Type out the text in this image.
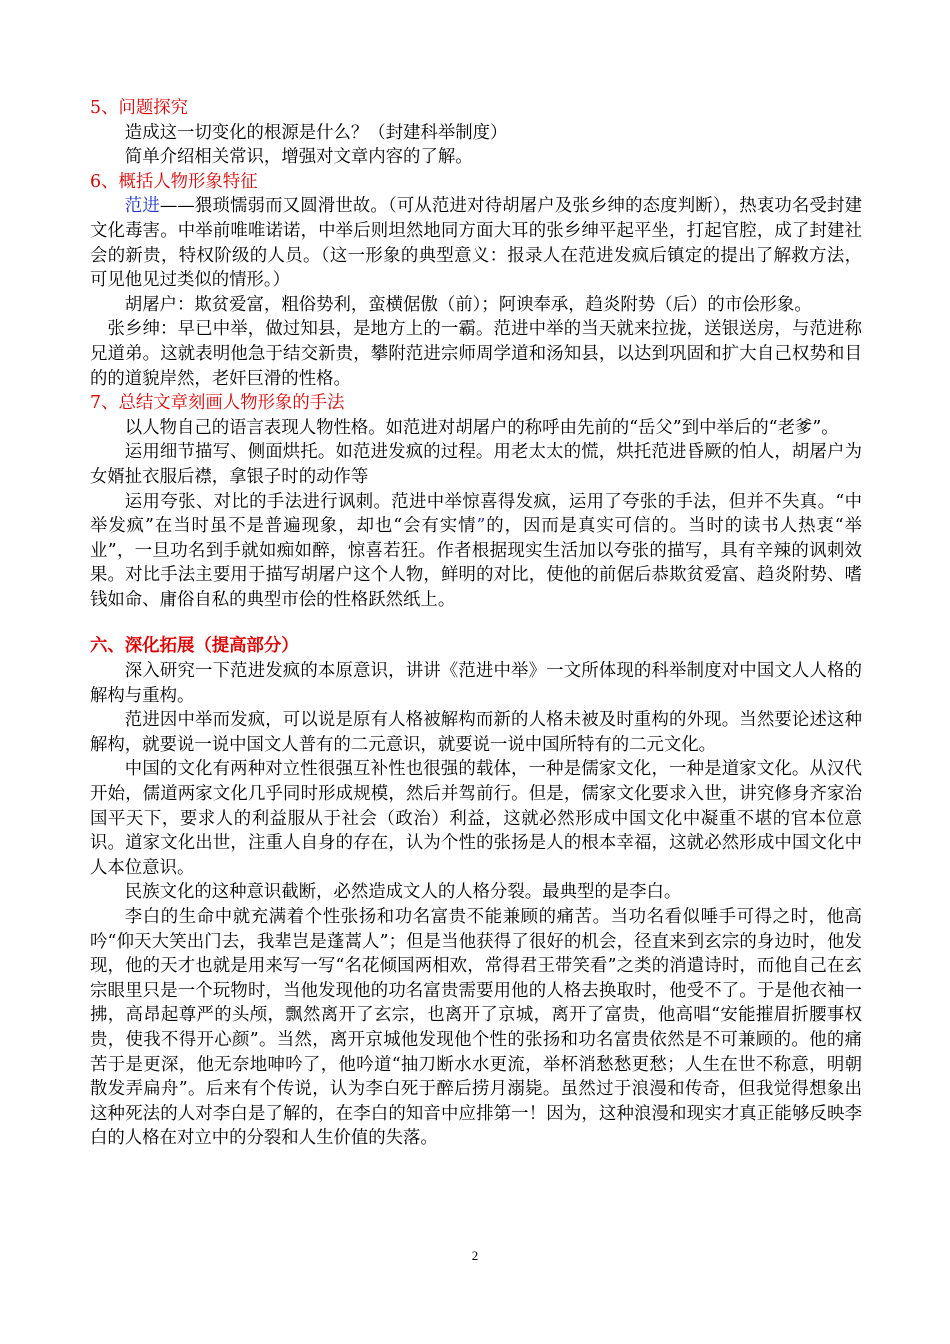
5、问题探究

造成这一切变化的根源是什么？（封建科举制度）

简单介绍相关常识，增强对文章内容的了解。

6、概括人物形象特征

范进——猥琐懦弱而又圆滑世故。（可从范进对待胡屠户及张乡绅的态度判断），热衷功名受封建文化毒害。中举前唯唯诺诺，中举后则坦然地同方面大耳的张乡绅平起平坐，打起官腔，成了封建社会的新贵，特权阶级的人员。（这一形象的典型意义：报录人在范进发疯后镇定的提出了解救方法，可见他见过类似的情形。）

胡屠户：欺贫爱富，粗俗势利，蛮横倨傲（前）；阿谀奉承，趋炎附势（后）的市侩形象。

张乡绅：早已中举，做过知县，是地方上的一霸。范进中举的当天就来拉拢，送银送房，与范进称兄道弟。这就表明他急于结交新贵，攀附范进宗师周学道和汤知县，以达到巩固和扩大自己权势和目的的道貌岸然，老奸巨滑的性格。

7、总结文章刻画人物形象的手法

以人物自己的语言表现人物性格。如范进对胡屠户的称呼由先前的“岳父”到中举后的“老爹”。

运用细节描写、侧面烘托。如范进发疯的过程。用老太太的慌，烘托范进昏厥的怕人，胡屠户为女婿扯衣服后襟，拿银子时的动作等

运用夸张、对比的手法进行讽刺。范进中举惊喜得发疯，运用了夸张的手法，但并不失真。“中举发疯”在当时虽不是普遍现象，却也“会有实情”的，因而是真实可信的。当时的读书人热衷“举业”，一旦功名到手就如痴如醉，惊喜若狂。作者根据现实生活加以夸张的描写，具有辛辣的讽刺效果。对比手法主要用于描写胡屠户这个人物，鲜明的对比，使他的前倨后恭欺贫爱富、趋炎附势、嗜钱如命、庸俗自私的典型市侩的性格跃然纸上。

六、深化拓展（提高部分）

深入研究一下范进发疯的本原意识，讲讲《范进中举》一文所体现的科举制度对中国文人人格的解构与重构。

范进因中举而发疯，可以说是原有人格被解构而新的人格未被及时重构的外现。当然要论述这种解构，就要说一说中国文人普有的二元意识，就要说一说中国所特有的二元文化。

中国的文化有两种对立性很强互补性也很强的载体，一种是儒家文化，一种是道家文化。从汉代开始，儒道两家文化几乎同时形成规模，然后并驾前行。但是，儒家文化要求入世，讲究修身齐家治国平天下，要求人的利益服从于社会（政治）利益，这就必然形成中国文化中凝重不堪的官本位意识。道家文化出世，注重人自身的存在，认为个性的张扬是人的根本幸福，这就必然形成中国文化中人本位意识。

民族文化的这种意识截断，必然造成文人的人格分裂。最典型的是李白。

李白的生命中就充满着个性张扬和功名富贵不能兼顾的痛苦。当功名看似唾手可得之时，他高吟“仰天大笑出门去，我辈岂是蓬蒿人”；但是当他获得了很好的机会，径直来到玄宗的身边时，他发现，他的天才也就是用来写一写“名花倾国两相欢，常得君王带笑看”之类的消遣诗时，而他自己在玄宗眼里只是一个玩物时，当他发现他的功名富贵需要用他的人格去换取时，他受不了。于是他衣袖一拂，高昂起尊严的头颅，飘然离开了玄宗，也离开了京城，离开了富贵，他高唱“安能摧眉折腰事权贵，使我不得开心颜”。当然，离开京城他发现他个性的张扬和功名富贵依然是不可兼顾的。他的痛苦于是更深，他无奈地呻吟了，他吟道“抽刀断水水更流，举杯消愁愁更愁；人生在世不称意，明朝散发弄扁舟”。后来有个传说，认为李白死于醉后捞月溺毙。虽然过于浪漫和传奇，但我觉得想象出这种死法的人对李白是了解的，在李白的知音中应排第一！因为，这种浪漫和现实才真正能够反映李白的人格在对立中的分裂和人生价值的失落。

2
